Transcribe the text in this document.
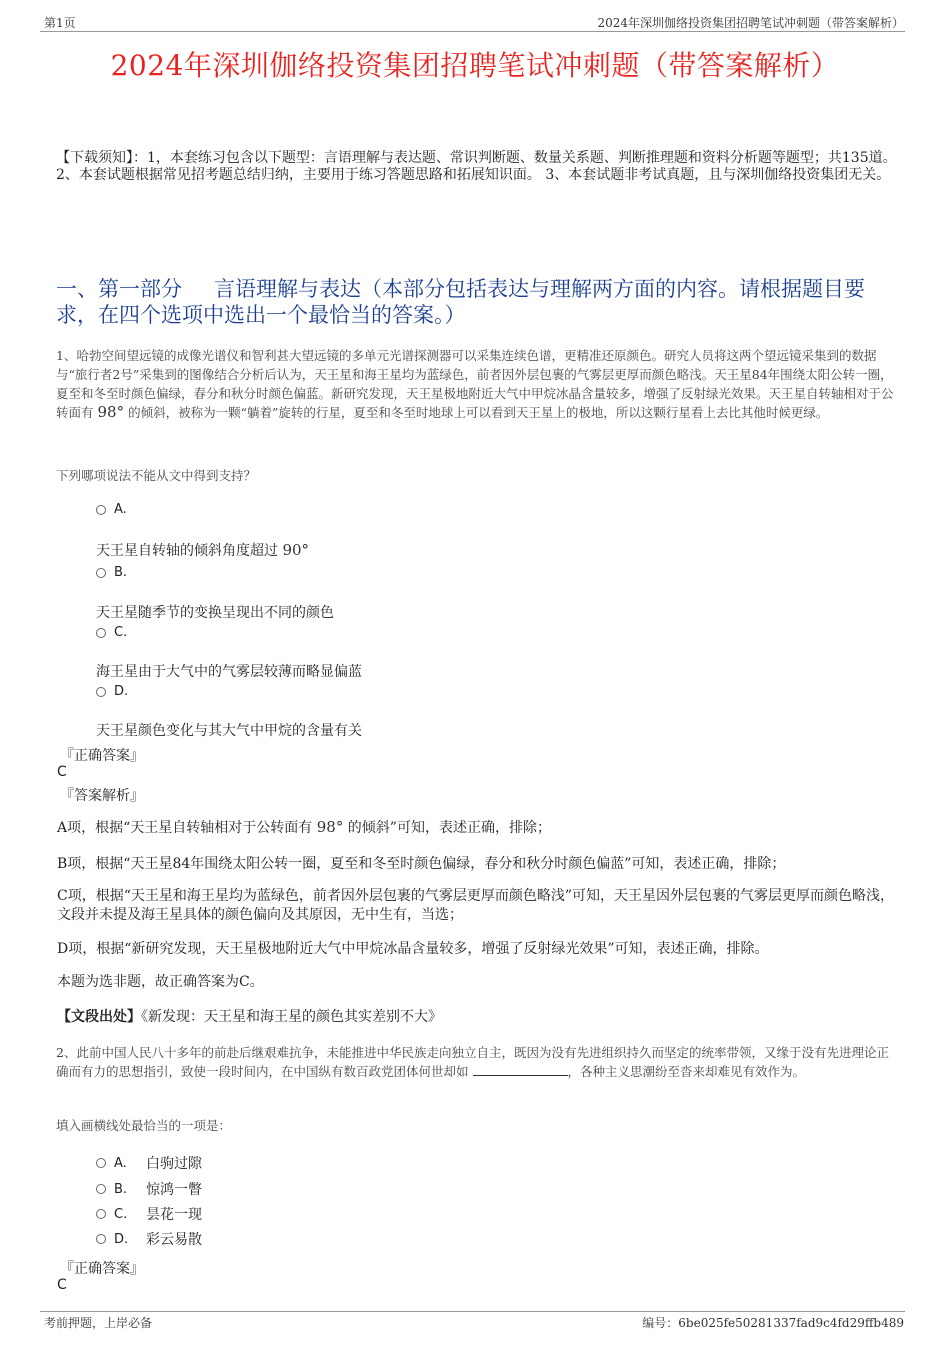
第1页	2024年深圳伽络投资集团招聘笔试冲刺题（带答案解析）
2024年深圳伽络投资集团招聘笔试冲刺题（带答案解析）
【下载须知】：1，本套练习包含以下题型：言语理解与表达题、常识判断题、数量关系题、判断推理题和资料分析题等题型；共135道。 2、本套试题根据常见招考题总结归纳，主要用于练习答题思路和拓展知识面。 3、本套试题非考试真题，且与深圳伽络投资集团无关。
一、第一部分 言语理解与表达（本部分包括表达与理解两方面的内容。请根据题目要求，在四个选项中选出一个最恰当的答案。）
1、哈勃空间望远镜的成像光谱仪和智利甚大望远镜的多单元光谱探测器可以采集连续色谱，更精准还原颜色。研究人员将这两个望远镜采集到的数据与“旅行者2号”采集到的图像结合分析后认为，天王星和海王星均为蓝绿色，前者因外层包裹的气雾层更厚而颜色略浅。天王星84年围绕太阳公转一圈，夏至和冬至时颜色偏绿，春分和秋分时颜色偏蓝。新研究发现，天王星极地附近大气中甲烷冰晶含量较多，增强了反射绿光效果。天王星自转轴相对于公转面有 98° 的倾斜，被称为一颗“躺着”旋转的行星，夏至和冬至时地球上可以看到天王星上的极地，所以这颗行星看上去比其他时候更绿。
下列哪项说法不能从文中得到支持？
A.
天王星自转轴的倾斜角度超过 90°
B.
天王星随季节的变换呈现出不同的颜色
C.
海王星由于大气中的气雾层较薄而略显偏蓝
D.
天王星颜色变化与其大气中甲烷的含量有关
『正确答案』
C
『答案解析』
A项，根据“天王星自转轴相对于公转面有 98° 的倾斜”可知，表述正确，排除；
B项，根据“天王星84年围绕太阳公转一圈，夏至和冬至时颜色偏绿，春分和秋分时颜色偏蓝”可知，表述正确，排除；
C项，根据“天王星和海王星均为蓝绿色，前者因外层包裹的气雾层更厚而颜色略浅”可知，天王星因外层包裹的气雾层更厚而颜色略浅，文段并未提及海王星具体的颜色偏向及其原因，无中生有，当选；
D项，根据“新研究发现，天王星极地附近大气中甲烷冰晶含量较多，增强了反射绿光效果”可知，表述正确，排除。
本题为选非题，故正确答案为C。
【文段出处】《新发现：天王星和海王星的颜色其实差别不大》
2、此前中国人民八十多年的前赴后继艰难抗争，未能推进中华民族走向独立自主，既因为没有先进组织持久而坚定的统率带领，又缘于没有先进理论正确而有力的思想指引，致使一段时间内，在中国纵有数百政党团体何世却如	，各种主义思潮纷至沓来却难见有效作为。
填入画横线处最恰当的一项是：
A.	白驹过隙
B.	惊鸿一瞥
C.	昙花一现
D.	彩云易散
『正确答案』
C
考前押题，上岸必备	编号：6be025fe50281337fad9c4fd29ffb489
